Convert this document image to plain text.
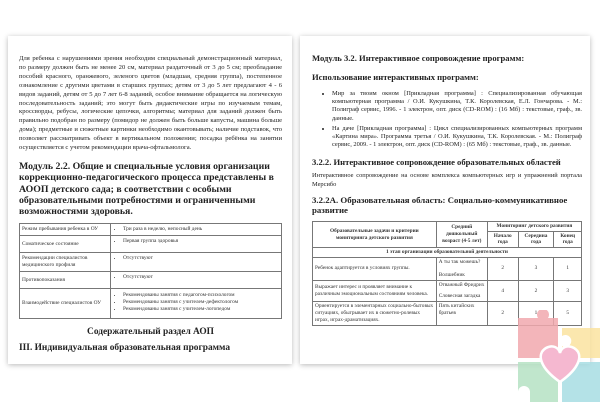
Для ребенка с нарушениями зрения необходим специальный демонстрационный материал, по размеру должен быть не менее 20 см, материал раздаточный от 3 до 5 см; преобладание пособий красного, оранжевого, зеленого цветов (младшая, средняя группа), постепенное ознакомление с другими цветами в старших группах; детям от 3 до 5 лет предлагают 4 - 6 видов заданий, детям от 5 до 7 лет 6-8 заданий, особое внимание обращается на логическую последовательность заданий; это могут быть дидактические игры по изучаемым темам, кроссворды, ребусы, логические цепочки, алгоритмы; материал для заданий должен быть правильно подобран по размеру (помидор не должен быть больше капусты, машина больше дома); предметные и сюжетные картинки необходимо окантовывать; наличие подставок, что позволяет рассматривать объект в вертикальном положении; посадка ребёнка на занятии осуществляется с учетом рекомендации врача-офтальмолога.

Модуль 2.2. Общие и специальные условия организации коррекционно-педагогического процесса представлены в АООП детского сада; в соответствии с особыми образовательными потребностями и ограниченными возможностями здоровья.
Режим пребывания ребенка в ОУ	
•Три раза в неделю, непосный день

Соматическое состояние	
•Первая группа здоровья

Рекомендации специалистов медицинского профиля	
• Отсутствуют

Противопоказания	
•Отсутствуют

Взаимодействие специалистов ОУ	
• Рекомендованы занятия с педагогом-психологом
• Рекомендованы занятия с учителем-дефектологом
• Рекомендованы занятия с учителем-логопедом
Содержательный раздел АОП
III. Индивидуальная образовательная программа
Модуль 3.2. Интерактивное сопровождение программ:
Использование интерактивных программ:
• Мир за твоим окном [Прикладная программа] : Специализированная обучающая компьютерная программа / О.И. Кукушкина, Т.К. Королевская, Е.Л. Гончарова. - М.: Полиграф сервис, 1996. - 1 электрон, опт. диск (CD-ROM) : (16 Мб) : текстовые, граф., зв. данные.
• На даче [Прикладная программа] : Цикл специализированных компьютерных программ «Картина мира». Программа третья / О.И. Кукушкина, Т.К. Королевская. - М.: Полиграф сервис, 2009. - 1 электрон, опт. диск (CD-ROM) : (65 Мб) : текстовые, граф., зв. данные.
3.2.2. Интерактивное сопровождение образовательных областей

Интерактивное сопровождение на основе комплекса компьютерных игр и упражнений портала Мерсибо

3.2.2А. Образовательная область: Социально-коммуникативное развитие
Образовательные задачи и критерии мониторинга детского развития	Средний дошкольный возраст (4-5 лет)	Мониторинг детского развития		
		Начало года	Середина года	Конец года
1 этап организации образовательной деятельности				
Ребенок адаптируется в условиях группы.	А ты так можешь?
Волшебник	2	3	1
Выражает интерес и проявляет внимание к различным эмоциональным состояниям человека.	Отважный Фридрих
Словесная загадка	4	2	3
Ориентируется в элементарных социально-бытовых ситуациях, обыгрывает их в сюжетно-ролевых играх, играх-драматизациях.	Пять китайских братьев	2	1	5
